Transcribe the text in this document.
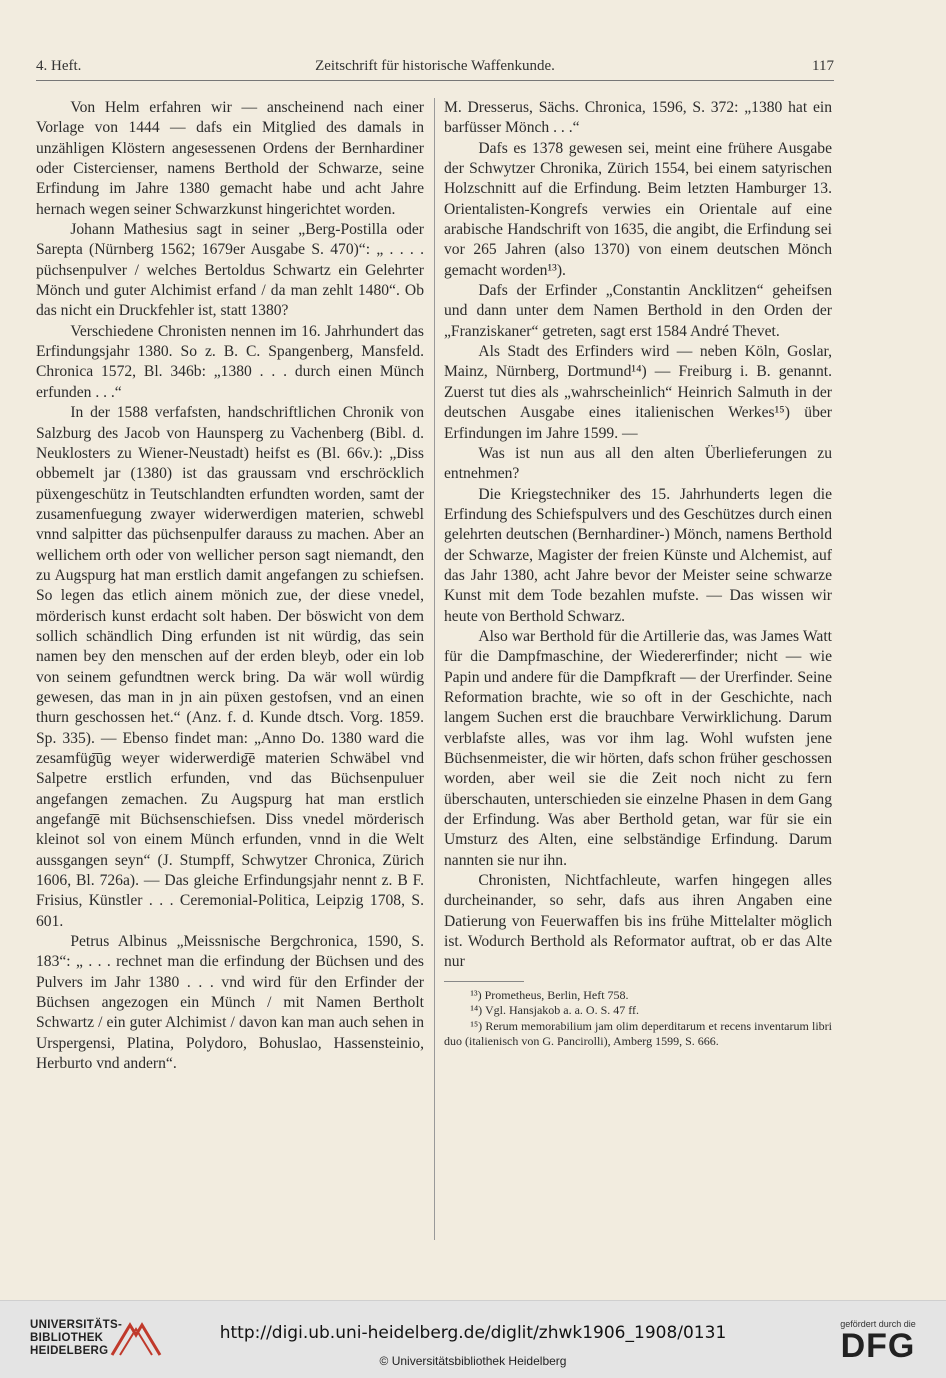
4. Heft.	Zeitschrift für historische Waffenkunde.	117

Von Helm erfahren wir — anscheinend nach einer Vorlage von 1444 — dafs ein Mitglied des damals in unzähligen Klöstern angesessenen Ordens der Bernhardiner oder Cistercienser, namens Berthold der Schwarze, seine Erfindung im Jahre 1380 gemacht habe und acht Jahre hernach wegen seiner Schwarzkunst hingerichtet worden.

Johann Mathesius sagt in seiner „Berg-Postilla oder Sarepta (Nürnberg 1562; 1679er Ausgabe S. 470)“: „ . . . . püchsenpulver / welches Bertoldus Schwartz ein Gelehrter Mönch und guter Alchimist erfand / da man zehlt 1480“. Ob das nicht ein Druckfehler ist, statt 1380?

Verschiedene Chronisten nennen im 16. Jahrhundert das Erfindungsjahr 1380. So z. B. C. Spangenberg, Mansfeld. Chronica 1572, Bl. 346b: „1380 . . . durch einen Münch erfunden . . .“

In der 1588 verfafsten, handschriftlichen Chronik von Salzburg des Jacob von Haunsperg zu Vachenberg (Bibl. d. Neuklosters zu Wiener-Neustadt) heifst es (Bl. 66v.): „Diss obbemelt jar (1380) ist das graussam vnd erschröcklich püxengeschütz in Teutschlandten erfundten worden, samt der zusamenfuegung zwayer widerwerdigen materien, schwebl vnnd salpitter das püchsenpulfer darauss zu machen. Aber an wellichem orth oder von wellicher person sagt niemandt, den zu Augspurg hat man erstlich damit angefangen zu schiefsen. So legen das etlich ainem mönich zue, der diese vnedel, mörderisch kunst erdacht solt haben. Der böswicht von dem sollich schändlich Ding erfunden ist nit würdig, das sein namen bey den menschen auf der erden bleyb, oder ein lob von seinem gefundtnen werck bring. Da wär woll würdig gewesen, das man in jn ain püxen gestofsen, vnd an einen thurn geschossen het.“ (Anz. f. d. Kunde dtsch. Vorg. 1859. Sp. 335). — Ebenso findet man: „Anno Do. 1380 ward die zesamfüg͞ūg weyer widerwerdig͞e materien Schwäbel vnd Salpetre erstlich erfunden, vnd das Büchsenpuluer angefangen zemachen. Zu Augspurg hat man erstlich angefang͞e mit Büchsenschiefsen. Diss vnedel mörderisch kleinot sol von einem Münch erfunden, vnnd in die Welt aussgangen seyn“ (J. Stumpff, Schwytzer Chronica, Zürich 1606, Bl. 726a). — Das gleiche Erfindungsjahr nennt z. B F. Frisius, Künstler . . . Ceremonial-Politica, Leipzig 1708, S. 601.

Petrus Albinus „Meissnische Bergchronica, 1590, S. 183“: „ . . . rechnet man die erfindung der Büchsen und des Pulvers im Jahr 1380 . . . vnd wird für den Erfinder der Büchsen angezogen ein Münch / mit Namen Bertholt Schwartz / ein guter Alchimist / davon kan man auch sehen in Urspergensi, Platina, Polydoro, Bohuslao, Hassensteinio, Herburto vnd andern“.

M. Dresserus, Sächs. Chronica, 1596, S. 372: „1380 hat ein barfüsser Mönch . . .“

Dafs es 1378 gewesen sei, meint eine frühere Ausgabe der Schwytzer Chronika, Zürich 1554, bei einem satyrischen Holzschnitt auf die Erfindung. Beim letzten Hamburger 13. Orientalisten-Kongrefs verwies ein Orientale auf eine arabische Handschrift von 1635, die angibt, die Erfindung sei vor 265 Jahren (also 1370) von einem deutschen Mönch gemacht worden¹³).

Dafs der Erfinder „Constantin Ancklitzen“ geheifsen und dann unter dem Namen Berthold in den Orden der „Franziskaner“ getreten, sagt erst 1584 André Thevet.

Als Stadt des Erfinders wird — neben Köln, Goslar, Mainz, Nürnberg, Dortmund¹⁴) — Freiburg i. B. genannt. Zuerst tut dies als „wahrscheinlich“ Heinrich Salmuth in der deutschen Ausgabe eines italienischen Werkes¹⁵) über Erfindungen im Jahre 1599. —

Was ist nun aus all den alten Überlieferungen zu entnehmen?

Die Kriegstechniker des 15. Jahrhunderts legen die Erfindung des Schiefspulvers und des Geschützes durch einen gelehrten deutschen (Bernhardiner-) Mönch, namens Berthold der Schwarze, Magister der freien Künste und Alchemist, auf das Jahr 1380, acht Jahre bevor der Meister seine schwarze Kunst mit dem Tode bezahlen mufste. — Das wissen wir heute von Berthold Schwarz.

Also war Berthold für die Artillerie das, was James Watt für die Dampfmaschine, der Wiedererfinder; nicht — wie Papin und andere für die Dampfkraft — der Urerfinder. Seine Reformation brachte, wie so oft in der Geschichte, nach langem Suchen erst die brauchbare Verwirklichung. Darum verblafste alles, was vor ihm lag. Wohl wufsten jene Büchsenmeister, die wir hörten, dafs schon früher geschossen worden, aber weil sie die Zeit noch nicht zu fern überschauten, unterschieden sie einzelne Phasen in dem Gang der Erfindung. Was aber Berthold getan, war für sie ein Umsturz des Alten, eine selbständige Erfindung. Darum nannten sie nur ihn.

Chronisten, Nichtfachleute, warfen hingegen alles durcheinander, so sehr, dafs aus ihren Angaben eine Datierung von Feuerwaffen bis ins frühe Mittelalter möglich ist. Wodurch Berthold als Reformator auftrat, ob er das Alte nur

¹³) Prometheus, Berlin, Heft 758.

¹⁴) Vgl. Hansjakob a. a. O. S. 47 ff.

¹⁵) Rerum memorabilium jam olim deperditarum et recens inventarum libri duo (italienisch von G. Pancirolli), Amberg 1599, S. 666.

UNIVERSITÄTS-
BIBLIOTHEK
HEIDELBERG
http://digi.ub.uni-heidelberg.de/diglit/zhwk1906_1908/0131
© Universitätsbibliothek Heidelberg
gefördert durch die
DFG
